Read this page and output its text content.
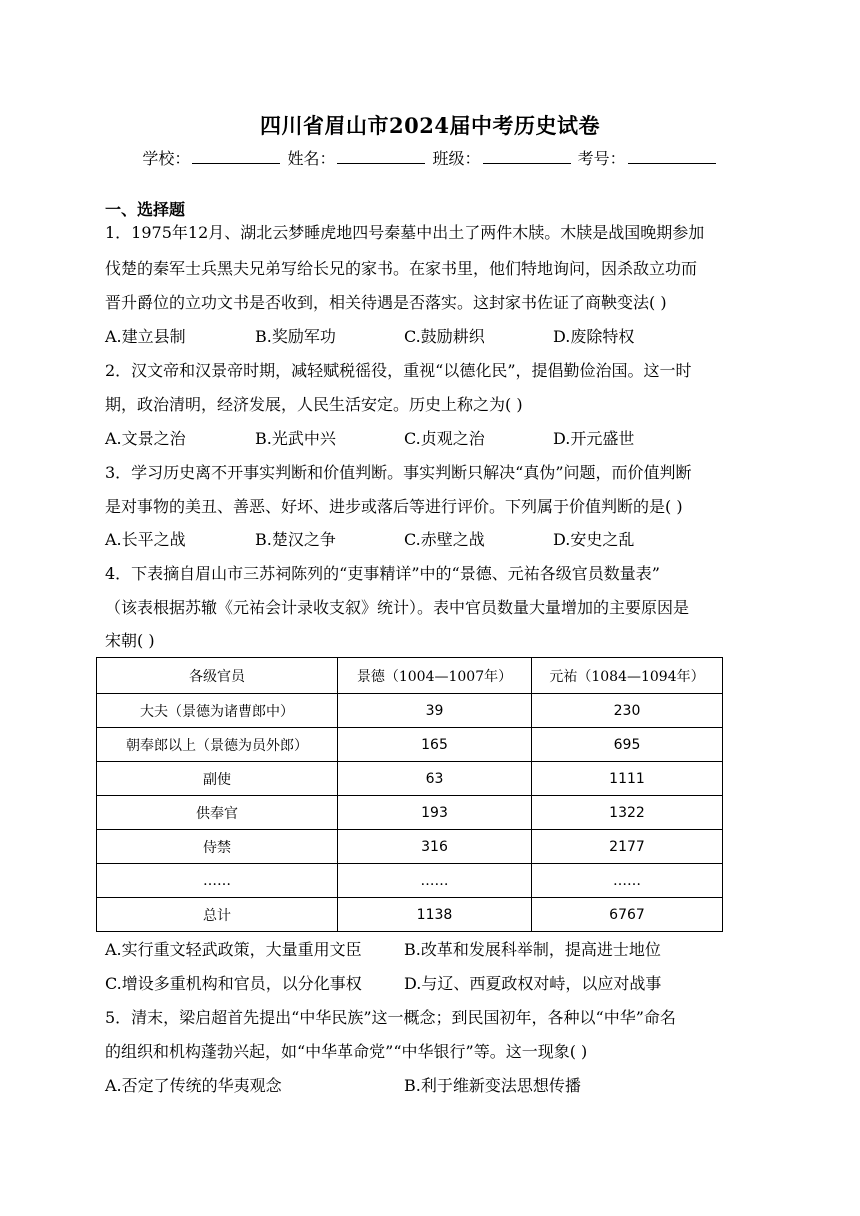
四川省眉山市2024届中考历史试卷
学校：	姓名：	班级：	考号：
一、选择题
1．1975年12月、湖北云梦睡虎地四号秦墓中出土了两件木牍。木牍是战国晚期参加
伐楚的秦军士兵黑夫兄弟写给长兄的家书。在家书里，他们特地询问，因杀敌立功而
晋升爵位的立功文书是否收到，相关待遇是否落实。这封家书佐证了商鞅变法( )
A.建立县制	B.奖励军功	C.鼓励耕织	D.废除特权
2．汉文帝和汉景帝时期，减轻赋税徭役，重视“以德化民”，提倡勤俭治国。这一时
期，政治清明，经济发展，人民生活安定。历史上称之为( )
A.文景之治	B.光武中兴	C.贞观之治	D.开元盛世
3．学习历史离不开事实判断和价值判断。事实判断只解决“真伪”问题，而价值判断
是对事物的美丑、善恶、好坏、进步或落后等进行评价。下列属于价值判断的是( )
A.长平之战	B.楚汉之争	C.赤壁之战	D.安史之乱
4．下表摘自眉山市三苏祠陈列的“吏事精详”中的“景德、元祐各级官员数量表”
（该表根据苏辙《元祐会计录收支叙》统计）。表中官员数量大量增加的主要原因是
宋朝( )
各级官员	景德（1004—1007年）	元祐（1084—1094年）
大夫（景德为诸曹郎中）	39	230
朝奉郎以上（景德为员外郎）	165	695
副使	63	1111
供奉官	193	1322
侍禁	316	2177
……	……	……
总计	1138	6767
A.实行重文轻武政策，大量重用文臣	B.改革和发展科举制，提高进士地位
C.增设多重机构和官员，以分化事权	D.与辽、西夏政权对峙，以应对战事
5．清末，梁启超首先提出“中华民族”这一概念；到民国初年，各种以“中华”命名
的组织和机构蓬勃兴起，如“中华革命党”“中华银行”等。这一现象( )
A.否定了传统的华夷观念	B.利于维新变法思想传播
